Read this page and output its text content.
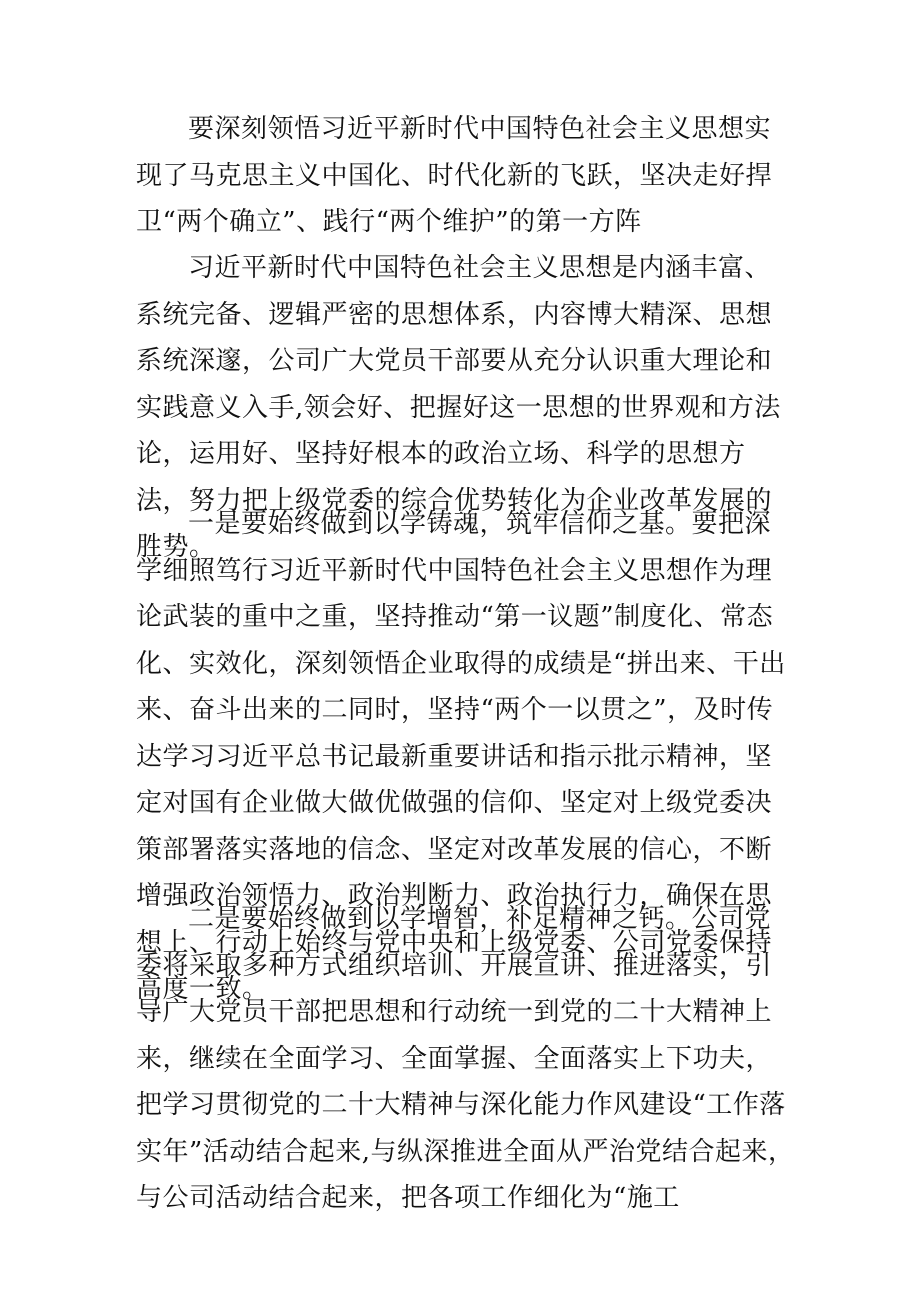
要深刻领悟习近平新时代中国特色社会主义思想实现了马克思主义中国化、时代化新的飞跃，坚决走好捍卫“两个确立”、践行“两个维护”的第一方阵
习近平新时代中国特色社会主义思想是内涵丰富、系统完备、逻辑严密的思想体系，内容博大精深、思想系统深邃，公司广大党员干部要从充分认识重大理论和实践意义入手,领会好、把握好这一思想的世界观和方法论，运用好、坚持好根本的政治立场、科学的思想方法，努力把上级党委的综合优势转化为企业改革发展的胜势。
一是要始终做到以学铸魂，筑牢信仰之基。要把深学细照笃行习近平新时代中国特色社会主义思想作为理论武装的重中之重，坚持推动“第一议题”制度化、常态化、实效化，深刻领悟企业取得的成绩是“拼出来、干出来、奋斗出来的二同时，坚持“两个一以贯之”，及时传达学习习近平总书记最新重要讲话和指示批示精神，坚定对国有企业做大做优做强的信仰、坚定对上级党委决策部署落实落地的信念、坚定对改革发展的信心，不断增强政治领悟力、政治判断力、政治执行力，确保在思想上、行动上始终与党中央和上级党委、公司党委保持高度一致。
二是要始终做到以学增智，补足精神之钙。公司党委将采取多种方式组织培训、开展宣讲、推进落实，引导广大党员干部把思想和行动统一到党的二十大精神上来，继续在全面学习、全面掌握、全面落实上下功夫，把学习贯彻党的二十大精神与深化能力作风建设“工作落实年”活动结合起来,与纵深推进全面从严治党结合起来，与公司活动结合起来，把各项工作细化为“施工
